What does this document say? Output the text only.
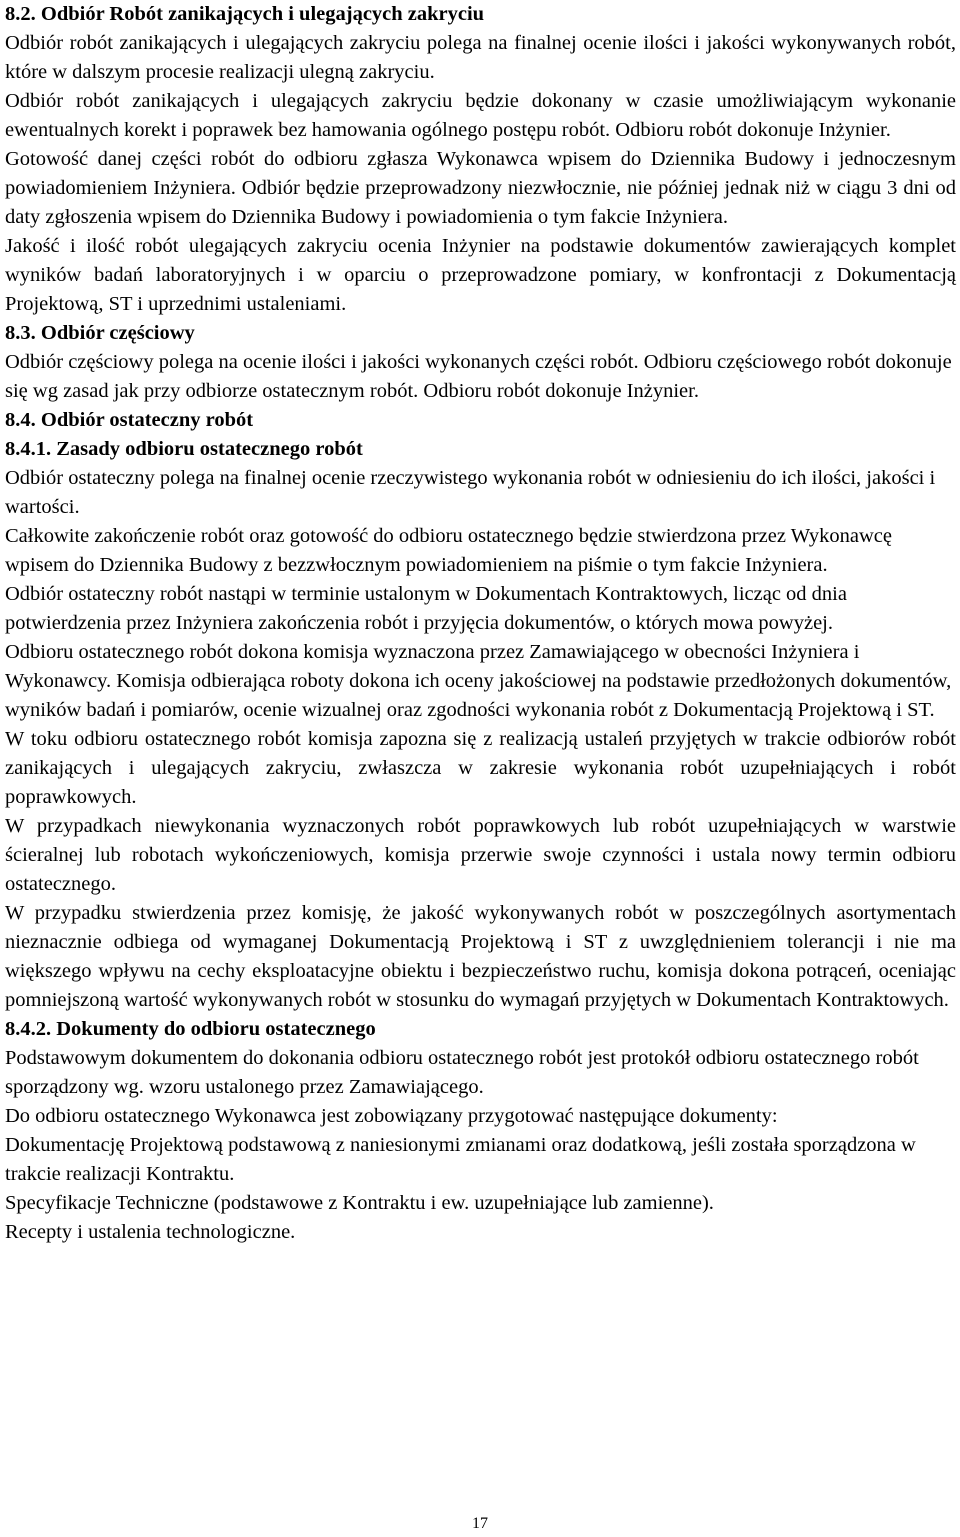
8.2. Odbiór Robót zanikających i ulegających zakryciu

Odbiór robót zanikających i ulegających zakryciu polega na finalnej ocenie ilości i jakości wykonywanych robót, które w dalszym procesie realizacji ulegną zakryciu.

Odbiór robót zanikających i ulegających zakryciu będzie dokonany w czasie umożliwiającym wykonanie ewentualnych korekt i poprawek bez hamowania ogólnego postępu robót. Odbioru robót dokonuje Inżynier.

Gotowość danej części robót do odbioru zgłasza Wykonawca wpisem do Dziennika Budowy i jednoczesnym powiadomieniem Inżyniera. Odbiór będzie przeprowadzony niezwłocznie, nie później jednak niż w ciągu 3 dni od daty zgłoszenia wpisem do Dziennika Budowy i powiadomienia o tym fakcie Inżyniera.

Jakość i ilość robót ulegających zakryciu ocenia Inżynier na podstawie dokumentów zawierających komplet wyników badań laboratoryjnych i w oparciu o przeprowadzone pomiary, w konfrontacji z Dokumentacją Projektową, ST i uprzednimi ustaleniami.

8.3. Odbiór częściowy

Odbiór częściowy polega na ocenie ilości i jakości wykonanych części robót. Odbioru częściowego robót dokonuje się wg zasad jak przy odbiorze ostatecznym robót. Odbioru robót dokonuje Inżynier.

8.4. Odbiór ostateczny robót

8.4.1. Zasady odbioru ostatecznego robót

Odbiór ostateczny polega na finalnej ocenie rzeczywistego wykonania robót w odniesieniu do ich ilości, jakości i wartości.

Całkowite zakończenie robót oraz gotowość do odbioru ostatecznego będzie stwierdzona przez Wykonawcę wpisem do Dziennika Budowy z bezzwłocznym powiadomieniem na piśmie o tym fakcie Inżyniera.

Odbiór ostateczny robót nastąpi w terminie ustalonym w Dokumentach Kontraktowych, licząc od dnia potwierdzenia przez Inżyniera zakończenia robót i przyjęcia dokumentów, o których mowa powyżej.

Odbioru ostatecznego robót dokona komisja wyznaczona przez Zamawiającego w obecności Inżyniera i Wykonawcy. Komisja odbierająca roboty dokona ich oceny jakościowej na podstawie przedłożonych dokumentów, wyników badań i pomiarów, ocenie wizualnej oraz zgodności wykonania robót z Dokumentacją Projektową i ST.

W toku odbioru ostatecznego robót komisja zapozna się z realizacją ustaleń przyjętych w trakcie odbiorów robót zanikających i ulegających zakryciu, zwłaszcza w zakresie wykonania robót uzupełniających i robót poprawkowych.

W przypadkach niewykonania wyznaczonych robót poprawkowych lub robót uzupełniających w warstwie ścieralnej lub robotach wykończeniowych, komisja przerwie swoje czynności i ustala nowy termin odbioru ostatecznego.

W przypadku stwierdzenia przez komisję, że jakość wykonywanych robót w poszczególnych asortymentach nieznacznie odbiega od wymaganej Dokumentacją Projektową i ST z uwzględnieniem tolerancji i nie ma większego wpływu na cechy eksploatacyjne obiektu i bezpieczeństwo ruchu, komisja dokona potrąceń, oceniając pomniejszoną wartość wykonywanych robót w stosunku do wymagań przyjętych w Dokumentach Kontraktowych.

8.4.2. Dokumenty do odbioru ostatecznego

Podstawowym dokumentem do dokonania odbioru ostatecznego robót jest protokół odbioru ostatecznego robót sporządzony wg. wzoru ustalonego przez Zamawiającego.

Do odbioru ostatecznego Wykonawca jest zobowiązany przygotować następujące dokumenty:

Dokumentację Projektową podstawową z naniesionymi zmianami oraz dodatkową, jeśli została sporządzona w trakcie realizacji Kontraktu.

Specyfikacje Techniczne (podstawowe z Kontraktu i ew. uzupełniające lub zamienne).

Recepty i ustalenia technologiczne.

17
